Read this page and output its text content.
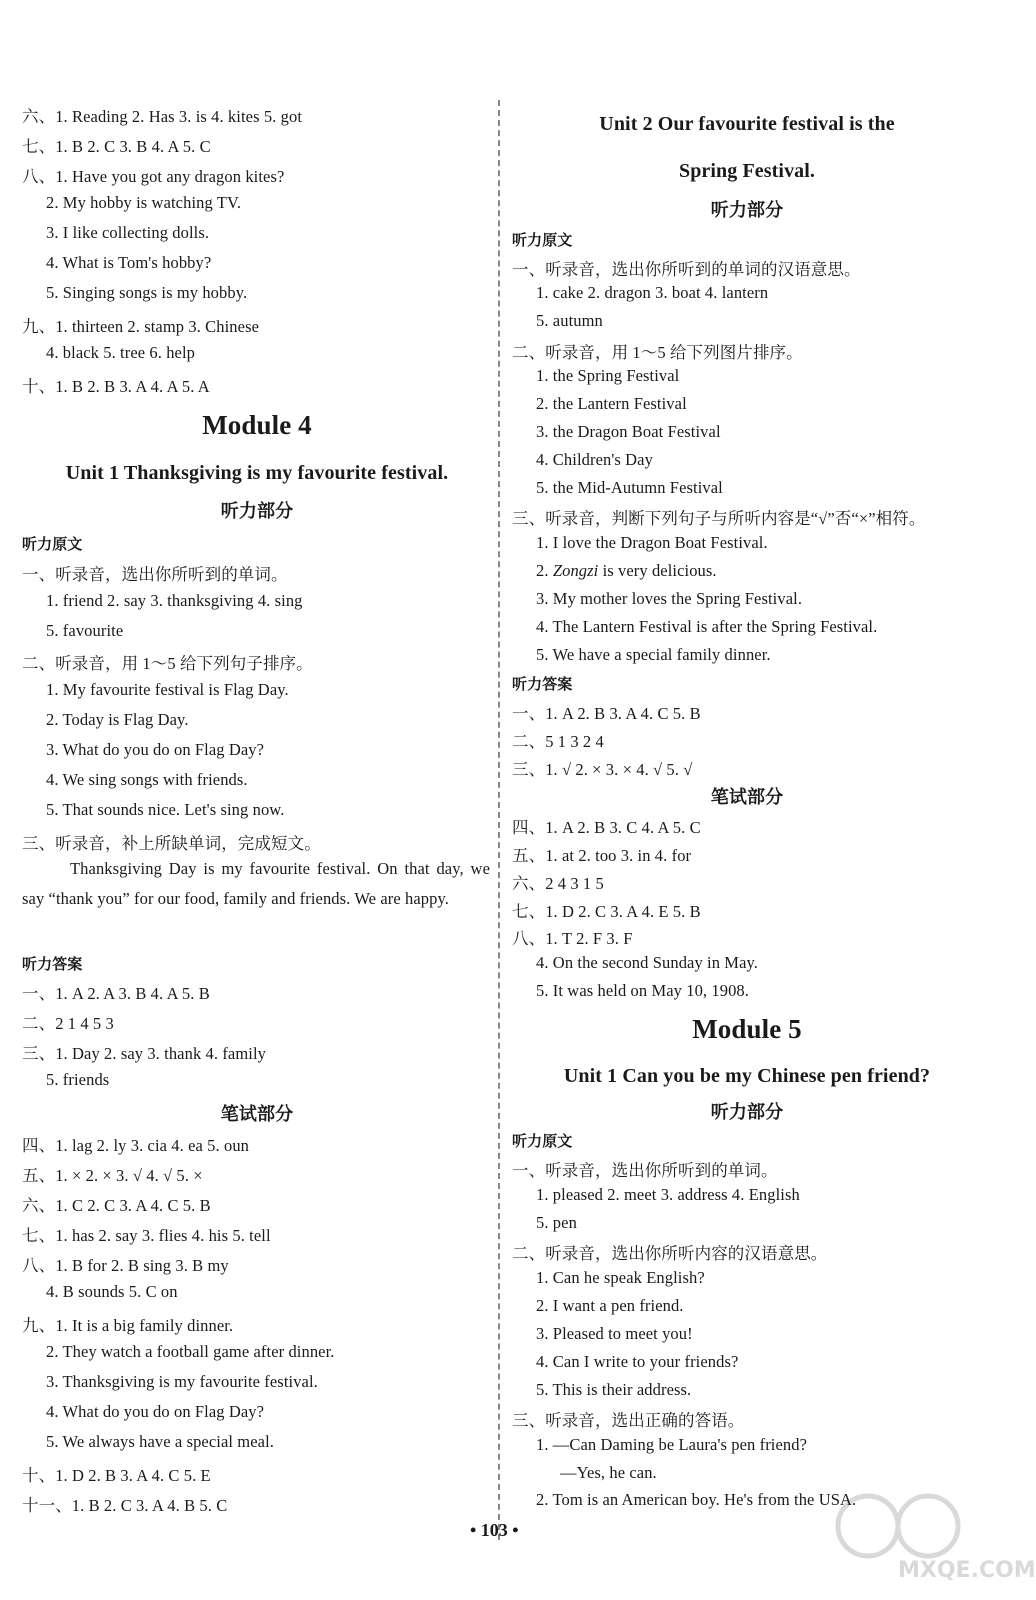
六、1. Reading 2. Has 3. is 4. kites 5. got
七、1. B 2. C 3. B 4. A 5. C
八、1. Have you got any dragon kites?
2. My hobby is watching TV.
3. I like collecting dolls.
4. What is Tom's hobby?
5. Singing songs is my hobby.
九、1. thirteen 2. stamp 3. Chinese
4. black 5. tree 6. help
十、1. B 2. B 3. A 4. A 5. A
Module 4
Unit 1 Thanksgiving is my favourite festival.
听力部分
听力原文
一、听录音，选出你所听到的单词。
1. friend 2. say 3. thanksgiving 4. sing
5. favourite
二、听录音，用 1～5 给下列句子排序。
1. My favourite festival is Flag Day.
2. Today is Flag Day.
3. What do you do on Flag Day?
4. We sing songs with friends.
5. That sounds nice. Let's sing now.
三、听录音，补上所缺单词，完成短文。
听力答案
一、1. A 2. A 3. B 4. A 5. B
二、2 1 4 5 3
三、1. Day 2. say 3. thank 4. family
5. friends
笔试部分
四、1. lag 2. ly 3. cia 4. ea 5. oun
五、1. × 2. × 3. √ 4. √ 5. ×
六、1. C 2. C 3. A 4. C 5. B
七、1. has 2. say 3. flies 4. his 5. tell
八、1. B for 2. B sing 3. B my
4. B sounds 5. C on
九、1. It is a big family dinner.
2. They watch a football game after dinner.
3. Thanksgiving is my favourite festival.
4. What do you do on Flag Day?
5. We always have a special meal.
十、1. D 2. B 3. A 4. C 5. E
十一、1. B 2. C 3. A 4. B 5. C
Thanksgiving Day is my favourite festival. On that day, we say “thank you” for our food, family and friends. We are happy.
Unit 2 Our favourite festival is the
Spring Festival.
听力部分
听力原文
一、听录音，选出你所听到的单词的汉语意思。
1. cake 2. dragon 3. boat 4. lantern
5. autumn
二、听录音，用 1～5 给下列图片排序。
1. the Spring Festival
2. the Lantern Festival
3. the Dragon Boat Festival
4. Children's Day
5. the Mid-Autumn Festival
三、听录音，判断下列句子与所听内容是“√”否“×”相符。
1. I love the Dragon Boat Festival.
2. Zongzi is very delicious.
3. My mother loves the Spring Festival.
4. The Lantern Festival is after the Spring Festival.
5. We have a special family dinner.
听力答案
一、1. A 2. B 3. A 4. C 5. B
二、5 1 3 2 4
三、1. √ 2. × 3. × 4. √ 5. √
笔试部分
四、1. A 2. B 3. C 4. A 5. C
五、1. at 2. too 3. in 4. for
六、2 4 3 1 5
七、1. D 2. C 3. A 4. E 5. B
八、1. T 2. F 3. F
4. On the second Sunday in May.
5. It was held on May 10, 1908.
Module 5
Unit 1 Can you be my Chinese pen friend?
听力部分
听力原文
一、听录音，选出你所听到的单词。
1. pleased 2. meet 3. address 4. English
5. pen
二、听录音，选出你所听内容的汉语意思。
1. Can he speak English?
2. I want a pen friend.
3. Pleased to meet you!
4. Can I write to your friends?
5. This is their address.
三、听录音，选出正确的答语。
1. —Can Daming be Laura's pen friend?
—Yes, he can.
2. Tom is an American boy. He's from the USA.
• 103 •
MXQE.COM
